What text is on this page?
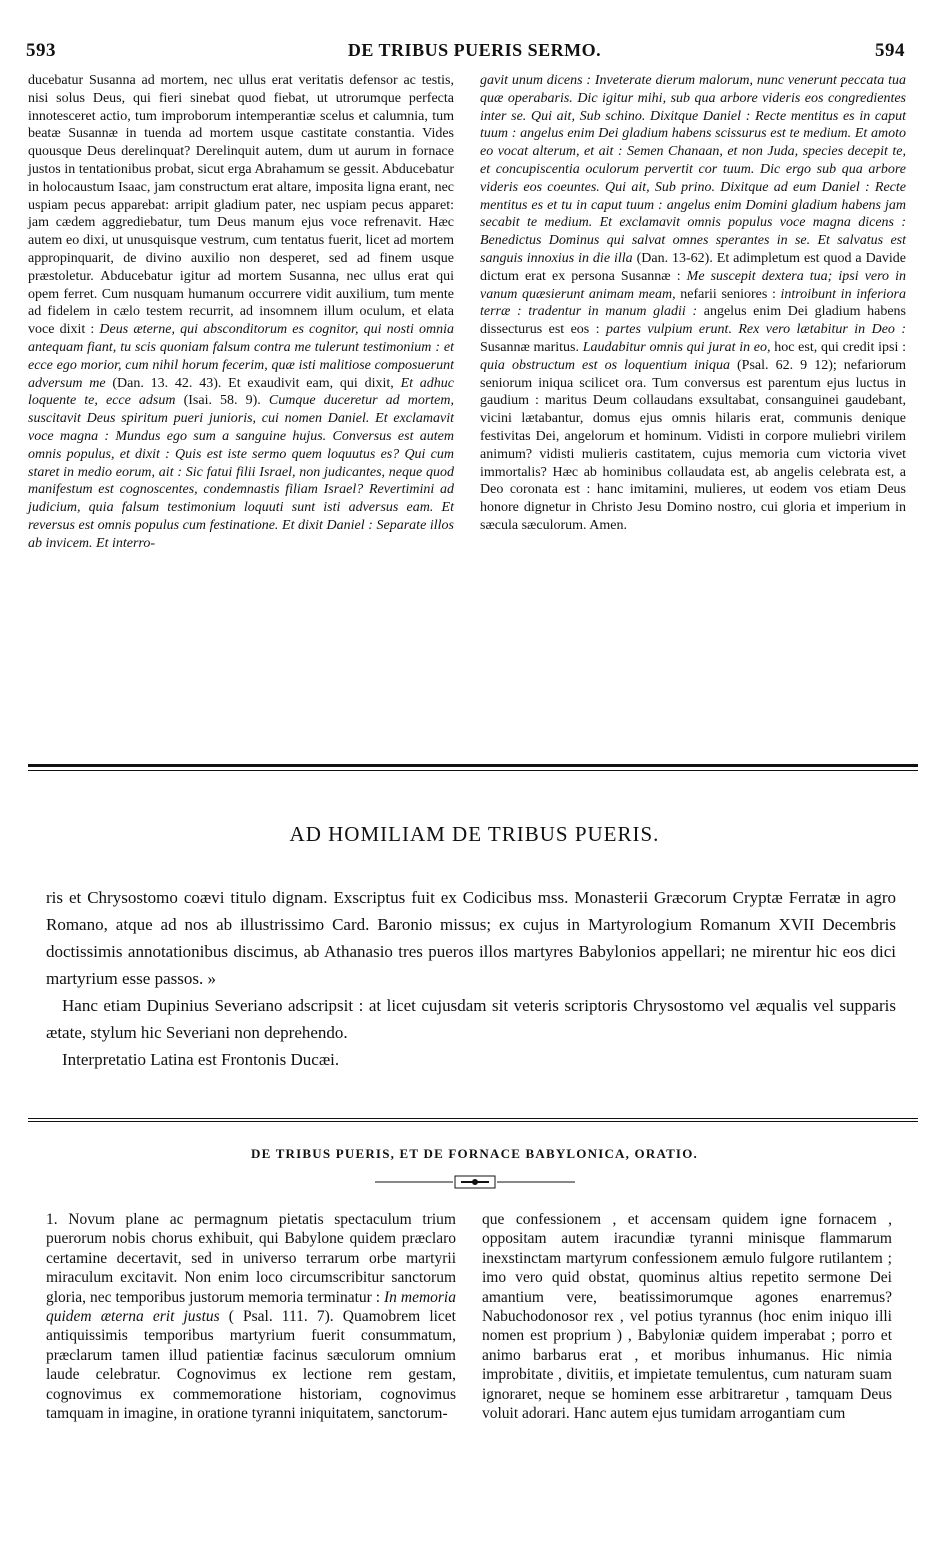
593	DE TRIBUS PUERIS SERMO.	594

ducebatur Susanna ad mortem, nec ullus erat veritatis defensor ac testis, nisi solus Deus, qui fieri sinebat quod fiebat, ut utrorumque perfecta innotesceret actio, tum improborum intemperantiæ scelus et calumnia, tum beatæ Susannæ in tuenda ad mortem usque castitate constantia. Vides quousque Deus derelinquat? Derelinquit autem, dum ut aurum in fornace justos in tentationibus probat, sicut erga Abrahamum se gessit. Abducebatur in holocaustum Isaac, jam constructum erat altare, imposita ligna erant, nec uspiam pecus apparebat: arripit gladium pater, nec uspiam pecus apparet: jam cædem aggrediebatur, tum Deus manum ejus voce refrenavit. Hæc autem eo dixi, ut unusquisque vestrum, cum tentatus fuerit, licet ad mortem appropinquarit, de divino auxilio non desperet, sed ad finem usque præstoletur. Abducebatur igitur ad mortem Susanna, nec ullus erat qui opem ferret. Cum nusquam humanum occurrere vidit auxilium, tum mente ad fidelem in cælo testem recurrit, ad insomnem illum oculum, et elata voce dixit : Deus æterne, qui absconditorum es cognitor, qui nosti omnia antequam fiant, tu scis quoniam falsum contra me tulerunt testimonium : et ecce ego morior, cum nihil horum fecerim, quæ isti malitiose composuerunt adversum me (Dan. 13. 42. 43). Et exaudivit eam, qui dixit, Et adhuc loquente te, ecce adsum (Isai. 58. 9). Cumque duceretur ad mortem, suscitavit Deus spiritum pueri junioris, cui nomen Daniel. Et exclamavit voce magna : Mundus ego sum a sanguine hujus. Conversus est autem omnis populus, et dixit : Quis est iste sermo quem loquutus es? Qui cum staret in medio eorum, ait : Sic fatui filii Israel, non judicantes, neque quod manifestum est cognoscentes, condemnastis filiam Israel? Revertimini ad judicium, quia falsum testimonium loquuti sunt isti adversus eam. Et reversus est omnis populus cum festinatione. Et dixit Daniel : Separate illos ab invicem. Et interro-

gavit unum dicens : Inveterate dierum malorum, nunc venerunt peccata tua quæ operabaris. Dic igitur mihi, sub qua arbore videris eos congredientes inter se. Qui ait, Sub schino. Dixitque Daniel : Recte mentitus es in caput tuum : angelus enim Dei gladium habens scissurus est te medium. Et amoto eo vocat alterum, et ait : Semen Chanaan, et non Juda, species decepit te, et concupiscentia oculorum pervertit cor tuum. Dic ergo sub qua arbore videris eos coeuntes. Qui ait, Sub prino. Dixitque ad eum Daniel : Recte mentitus es et tu in caput tuum : angelus enim Domini gladium habens jam secabit te medium. Et exclamavit omnis populus voce magna dicens : Benedictus Dominus qui salvat omnes sperantes in se. Et salvatus est sanguis innoxius in die illa (Dan. 13-62). Et adimpletum est quod a Davide dictum erat ex persona Susannæ : Me suscepit dextera tua; ipsi vero in vanum quæsierunt animam meam, nefarii seniores : introibunt in inferiora terræ : tradentur in manum gladii : angelus enim Dei gladium habens dissecturus est eos : partes vulpium erunt. Rex vero lætabitur in Deo : Susannæ maritus. Laudabitur omnis qui jurat in eo, hoc est, qui credit ipsi : quia obstructum est os loquentium iniqua (Psal. 62. 9 12); nefariorum seniorum iniqua scilicet ora. Tum conversus est parentum ejus luctus in gaudium : maritus Deum collaudans exsultabat, consanguinei gaudebant, vicini lætabantur, domus ejus omnis hilaris erat, communis denique festivitas Dei, angelorum et hominum. Vidisti in corpore muliebri virilem animum? vidisti mulieris castitatem, cujus memoria cum victoria vivet immortalis? Hæc ab hominibus collaudata est, ab angelis celebrata est, a Deo coronata est : hanc imitamini, mulieres, ut eodem vos etiam Deus honore dignetur in Christo Jesu Domino nostro, cui gloria et imperium in sæcula sæculorum. Amen.

AD HOMILIAM DE TRIBUS PUERIS.

ris et Chrysostomo coævi titulo dignam. Exscriptus fuit ex Codicibus mss. Monasterii Græcorum Cryptæ Ferratæ in agro Romano, atque ad nos ab illustrissimo Card. Baronio missus; ex cujus in Martyrologium Romanum XVII Decembris doctissimis annotationibus discimus, ab Athanasio tres pueros illos martyres Babylonios appellari; ne mirentur hic eos dici martyrium esse passos. »

Hanc etiam Dupinius Severiano adscripsit : at licet cujusdam sit veteris scriptoris Chrysostomo vel æqualis vel supparis ætate, stylum hic Severiani non deprehendo.

Interpretatio Latina est Frontonis Ducæi.

DE TRIBUS PUERIS, ET DE FORNACE BABYLONICA, ORATIO.

1. Novum plane ac permagnum pietatis spectaculum trium puerorum nobis chorus exhibuit, qui Babylone quidem præclaro certamine decertavit, sed in universo terrarum orbe martyrii miraculum excitavit. Non enim loco circumscribitur sanctorum gloria, nec temporibus justorum memoria terminatur : In memoria quidem æterna erit justus ( Psal. 111. 7). Quamobrem licet antiquissimis temporibus martyrium fuerit consummatum, præclarum tamen illud patientiæ facinus sæculorum omnium laude celebratur. Cognovimus ex lectione rem gestam, cognovimus ex commemoratione historiam, cognovimus tamquam in imagine, in oratione tyranni iniquitatem, sanctorum-

que confessionem , et accensam quidem igne fornacem , oppositam autem iracundiæ tyranni minisque flammarum inexstinctam martyrum confessionem æmulo fulgore rutilantem ; imo vero quid obstat, quominus altius repetito sermone Dei amantium vere, beatissimorumque agones enarremus? Nabuchodonosor rex , vel potius tyrannus (hoc enim iniquo illi nomen est proprium ) , Babyloniæ quidem imperabat ; porro et animo barbarus erat , et moribus inhumanus. Hic nimia improbitate , divitiis, et impietate temulentus, cum naturam suam ignoraret, neque se hominem esse arbitraretur , tamquam Deus voluit adorari. Hanc autem ejus tumidam arrogantiam cum
